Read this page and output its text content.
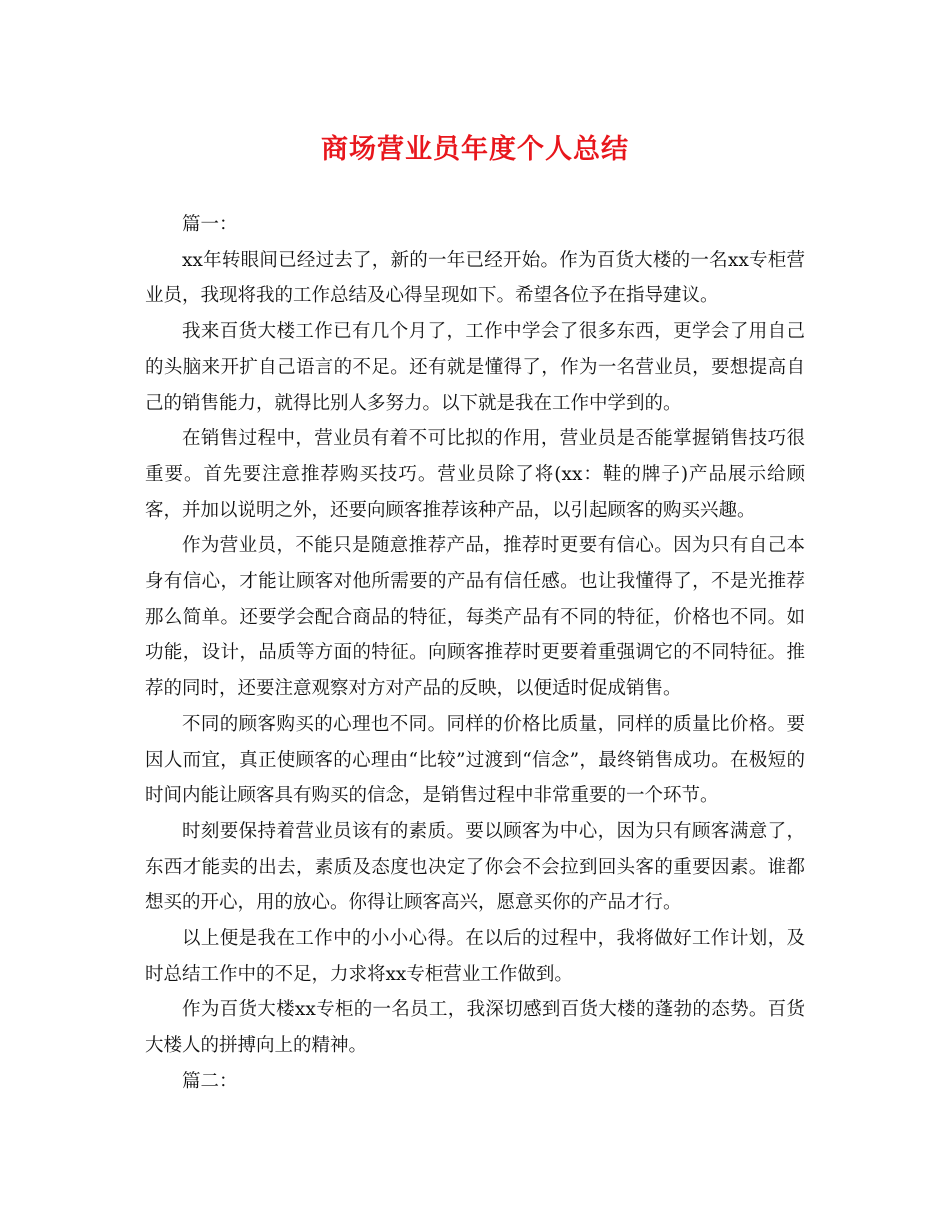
商场营业员年度个人总结

篇一：

xx年转眼间已经过去了，新的一年已经开始。作为百货大楼的一名xx专柜营业员，我现将我的工作总结及心得呈现如下。希望各位予在指导建议。

我来百货大楼工作已有几个月了，工作中学会了很多东西，更学会了用自己的头脑来开扩自己语言的不足。还有就是懂得了，作为一名营业员，要想提高自己的销售能力，就得比别人多努力。以下就是我在工作中学到的。

在销售过程中，营业员有着不可比拟的作用，营业员是否能掌握销售技巧很重要。首先要注意推荐购买技巧。营业员除了将(xx：鞋的牌子)产品展示给顾客，并加以说明之外，还要向顾客推荐该种产品，以引起顾客的购买兴趣。

作为营业员，不能只是随意推荐产品，推荐时更要有信心。因为只有自己本身有信心，才能让顾客对他所需要的产品有信任感。也让我懂得了，不是光推荐那么简单。还要学会配合商品的特征，每类产品有不同的特征，价格也不同。如功能，设计，品质等方面的特征。向顾客推荐时更要着重强调它的不同特征。推荐的同时，还要注意观察对方对产品的反映，以便适时促成销售。

不同的顾客购买的心理也不同。同样的价格比质量，同样的质量比价格。要因人而宜，真正使顾客的心理由“比较”过渡到“信念”，最终销售成功。在极短的时间内能让顾客具有购买的信念，是销售过程中非常重要的一个环节。

时刻要保持着营业员该有的素质。要以顾客为中心，因为只有顾客满意了，东西才能卖的出去，素质及态度也决定了你会不会拉到回头客的重要因素。谁都想买的开心，用的放心。你得让顾客高兴，愿意买你的产品才行。

以上便是我在工作中的小小心得。在以后的过程中，我将做好工作计划，及时总结工作中的不足，力求将xx专柜营业工作做到。

作为百货大楼xx专柜的一名员工，我深切感到百货大楼的蓬勃的态势。百货大楼人的拼搏向上的精神。

篇二：
